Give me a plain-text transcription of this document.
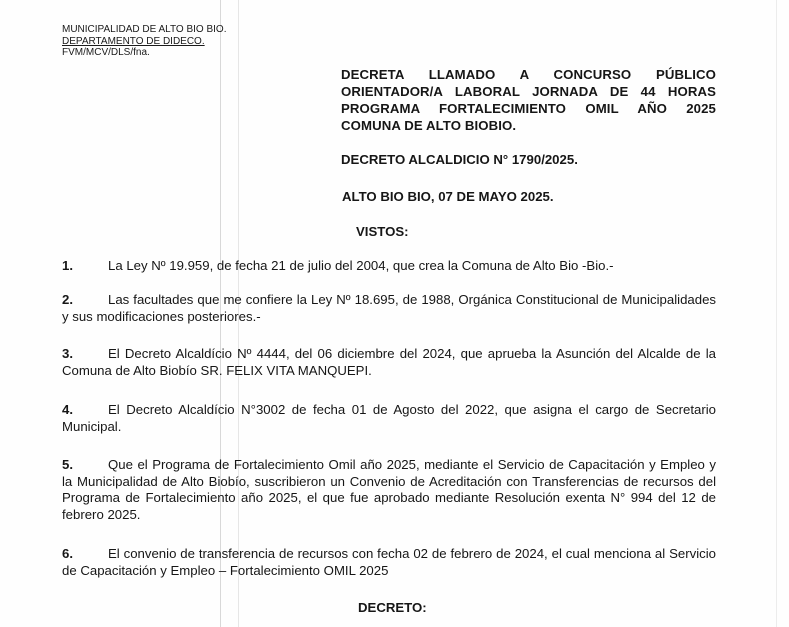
MUNICIPALIDAD DE ALTO BIO BIO.
DEPARTAMENTO DE DIDECO.
FVM/MCV/DLS/fna.
DECRETA LLAMADO A CONCURSO PÚBLICO ORIENTADOR/A LABORAL JORNADA DE 44 HORAS PROGRAMA FORTALECIMIENTO OMIL AÑO 2025 COMUNA DE ALTO BIOBIO.
DECRETO ALCALDICIO N° 1790/2025.
ALTO BIO BIO, 07 DE MAYO 2025.
VISTOS:
1.	La Ley Nº 19.959, de fecha 21 de julio del 2004, que crea la Comuna de Alto Bio -Bio.-
2.	Las facultades que me confiere la Ley Nº 18.695, de 1988, Orgánica Constitucional de Municipalidades y sus modificaciones posteriores.-
3.	El Decreto Alcaldício Nº 4444, del 06 diciembre del 2024, que aprueba la Asunción del Alcalde de la Comuna de Alto Biobío SR. FELIX VITA MANQUEPI.
4.	El Decreto Alcaldício N°3002 de fecha 01 de Agosto del 2022, que asigna el cargo de Secretario Municipal.
5.	Que el Programa de Fortalecimiento Omil año 2025, mediante el Servicio de Capacitación y Empleo y la Municipalidad de Alto Biobío, suscribieron un Convenio de Acreditación con Transferencias de recursos del Programa de Fortalecimiento año 2025, el que fue aprobado mediante Resolución exenta N° 994 del 12 de febrero 2025.
6.	El convenio de transferencia de recursos con fecha 02 de febrero de 2024, el cual menciona al Servicio de Capacitación y Empleo – Fortalecimiento OMIL 2025
DECRETO:
